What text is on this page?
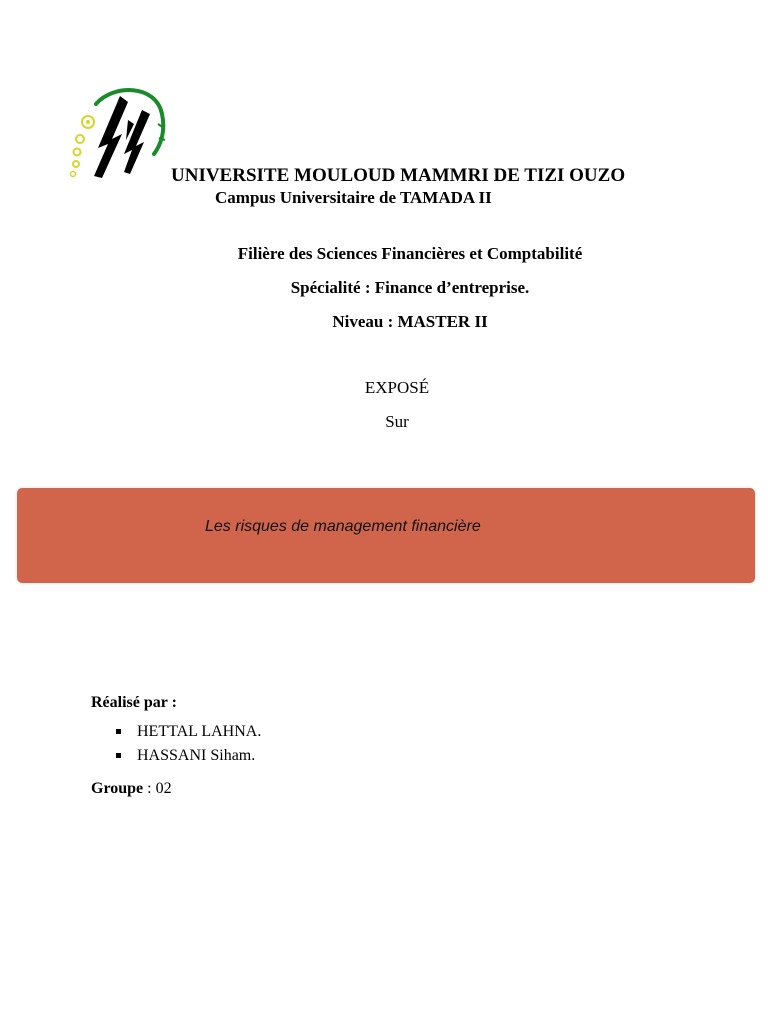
UNIVERSITE MOULOUD MAMMRI DE TIZI OUZO
Campus Universitaire de TAMADA II
Filière des Sciences Financières et Comptabilité
Spécialité : Finance d’entreprise.
Niveau : MASTER II
EXPOSÉ
Sur
Les risques de management financière
Réalisé par :
HETTAL LAHNA.
HASSANI Siham.
Groupe : 02
